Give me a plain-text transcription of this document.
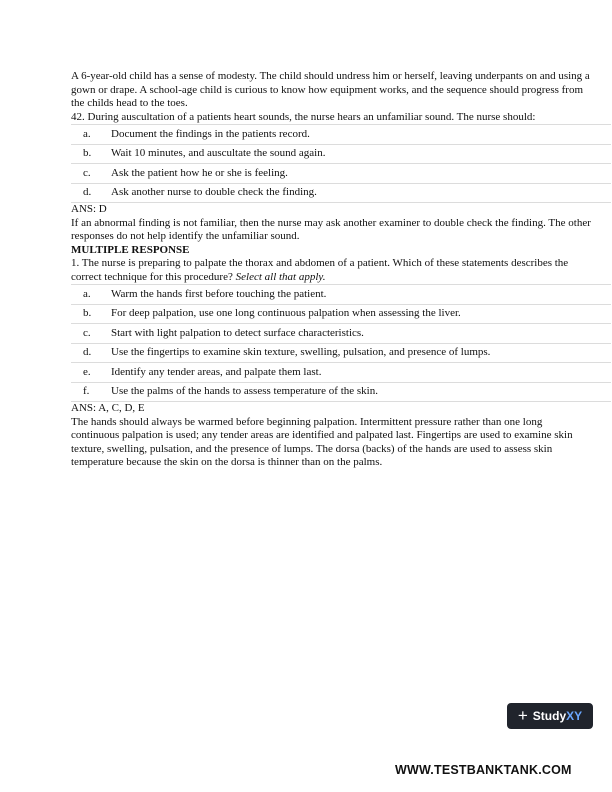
A 6-year-old child has a sense of modesty. The child should undress him or herself, leaving underpants on and using a gown or drape. A school-age child is curious to know how equipment works, and the sequence should progress from the childs head to the toes.

42. During auscultation of a patients heart sounds, the nurse hears an unfamiliar sound. The nurse should:

a.	Document the findings in the patients record.
b.	Wait 10 minutes, and auscultate the sound again.
c.	Ask the patient how he or she is feeling.
d.	Ask another nurse to double check the finding.

ANS: D

If an abnormal finding is not familiar, then the nurse may ask another examiner to double check the finding. The other responses do not help identify the unfamiliar sound.

MULTIPLE RESPONSE

1. The nurse is preparing to palpate the thorax and abdomen of a patient. Which of these statements describes the correct technique for this procedure? Select all that apply.

a.	Warm the hands first before touching the patient.
b.	For deep palpation, use one long continuous palpation when assessing the liver.
c.	Start with light palpation to detect surface characteristics.
d.	Use the fingertips to examine skin texture, swelling, pulsation, and presence of lumps.
e.	Identify any tender areas, and palpate them last.
f.	Use the palms of the hands to assess temperature of the skin.

ANS: A, C, D, E

The hands should always be warmed before beginning palpation. Intermittent pressure rather than one long continuous palpation is used; any tender areas are identified and palpated last. Fingertips are used to examine skin texture, swelling, pulsation, and the presence of lumps. The dorsa (backs) of the hands are used to assess skin temperature because the skin on the dorsa is thinner than on the palms.

+ StudyXY
WWW.TESTBANKTANK.COM
